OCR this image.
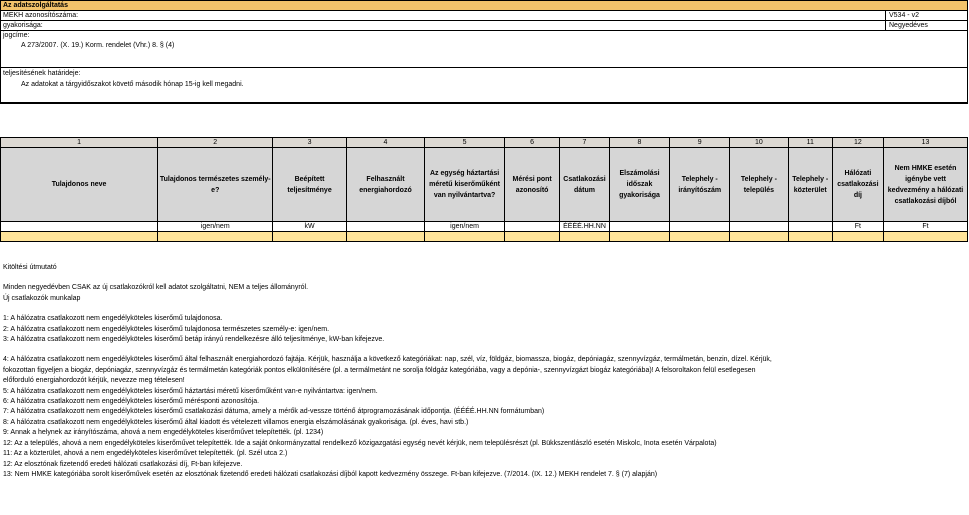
Az adatszolgáltatás
MEKH azonosítószáma:	V534 - v2
gyakorisága:	Negyedéves
jogcíme:
A 273/2007. (X. 19.) Korm. rendelet (Vhr.) 8. § (4)
teljesítésének határideje:
Az adatokat a tárgyidőszakot követő második hónap 15-ig kell megadni.
1	2	3	4	5	6	7	8	9	10	11	12	13
Tulajdonos neve	Tulajdonos természetes személy-e?	Beépített teljesítménye	Felhasznált energiahordozó	Az egység háztartási méretű kiserőműként van nyilvántartva?	Mérési pont azonosító	Csatlakozási dátum	Elszámolási időszak gyakorisága	Telephely - irányítószám	Telephely - település	Telephely - közterület	Hálózati csatlakozási díj	Nem HMKE esetén igénybe vett kedvezmény a hálózati csatlakozási díjból
	igen/nem	kW		igen/nem		ÉÉÉÉ.HH.NN					Ft	Ft

Kitöltési útmutató
Minden negyedévben CSAK az új csatlakozókról kell adatot szolgáltatni, NEM a teljes állományról.
Új csatlakozók munkalap
1: A hálózatra csatlakozott nem engedélyköteles kiserőmű tulajdonosa.
2: A hálózatra csatlakozott nem engedélyköteles kiserőmű tulajdonosa természetes személy-e: igen/nem.
3: A hálózatra csatlakozott nem engedélyköteles kiserőmű betáp irányú rendelkezésre álló teljesítménye, kW-ban kifejezve.
4: A hálózatra csatlakozott nem engedélyköteles kiserőmű által felhasznált energiahordozó fajtája. Kérjük, használja a következő kategóriákat: nap, szél, víz, földgáz, biomassza, biogáz, depóniagáz, szennyvízgáz, termálmetán, benzin, dízel. Kérjük,
fokozottan figyeljen a biogáz, depóniagáz, szennyvízgáz és termálmetán kategóriák pontos elkülönítésére (pl. a termálmetánt ne sorolja földgáz kategóriába, vagy a depónia-, szennyvízgázt biogáz kategóriába)! A felsoroltakon felül esetlegesen
előforduló energiahordozót kérjük, nevezze meg tételesen!
5: A hálózatra csatlakozott nem engedélyköteles kiserőmű háztartási méretű kiserőműként van-e nyilvántartva: igen/nem.
6: A hálózatra csatlakozott nem engedélyköteles kiserőmű mérésponti azonosítója.
7: A hálózatra csatlakozott nem engedélyköteles kiserőmű csatlakozási dátuma, amely a mérők ad-vessze történő átprogramozásának időpontja. (ÉÉÉÉ.HH.NN formátumban)
8: A hálózatra csatlakozott nem engedélyköteles kiserőmű által kiadott és vételezett villamos energia elszámolásának gyakorisága. (pl. éves, havi stb.)
9: Annak a helynek az irányítószáma, ahová a nem engedélyköteles kiserőművet telepítették. (pl. 1234)
12: Az a település, ahová a nem engedélyköteles kiserőművet telepítették. Ide a saját önkormányzattal rendelkező közigazgatási egység nevét kérjük, nem településrészt (pl. Bükkszentlászló esetén Miskolc, Inota esetén Várpalota)
11: Az a közterület, ahová a nem engedélyköteles kiserőművet telepítették. (pl. Szél utca 2.)
12: Az elosztónak fizetendő eredeti hálózati csatlakozási díj, Ft-ban kifejezve.
13: Nem HMKE kategóriába sorolt kiserőművek esetén az elosztónak fizetendő eredeti hálózati csatlakozási díjból kapott kedvezmény összege. Ft-ban kifejezve. (7/2014. (IX. 12.) MEKH rendelet 7. § (7) alapján)
